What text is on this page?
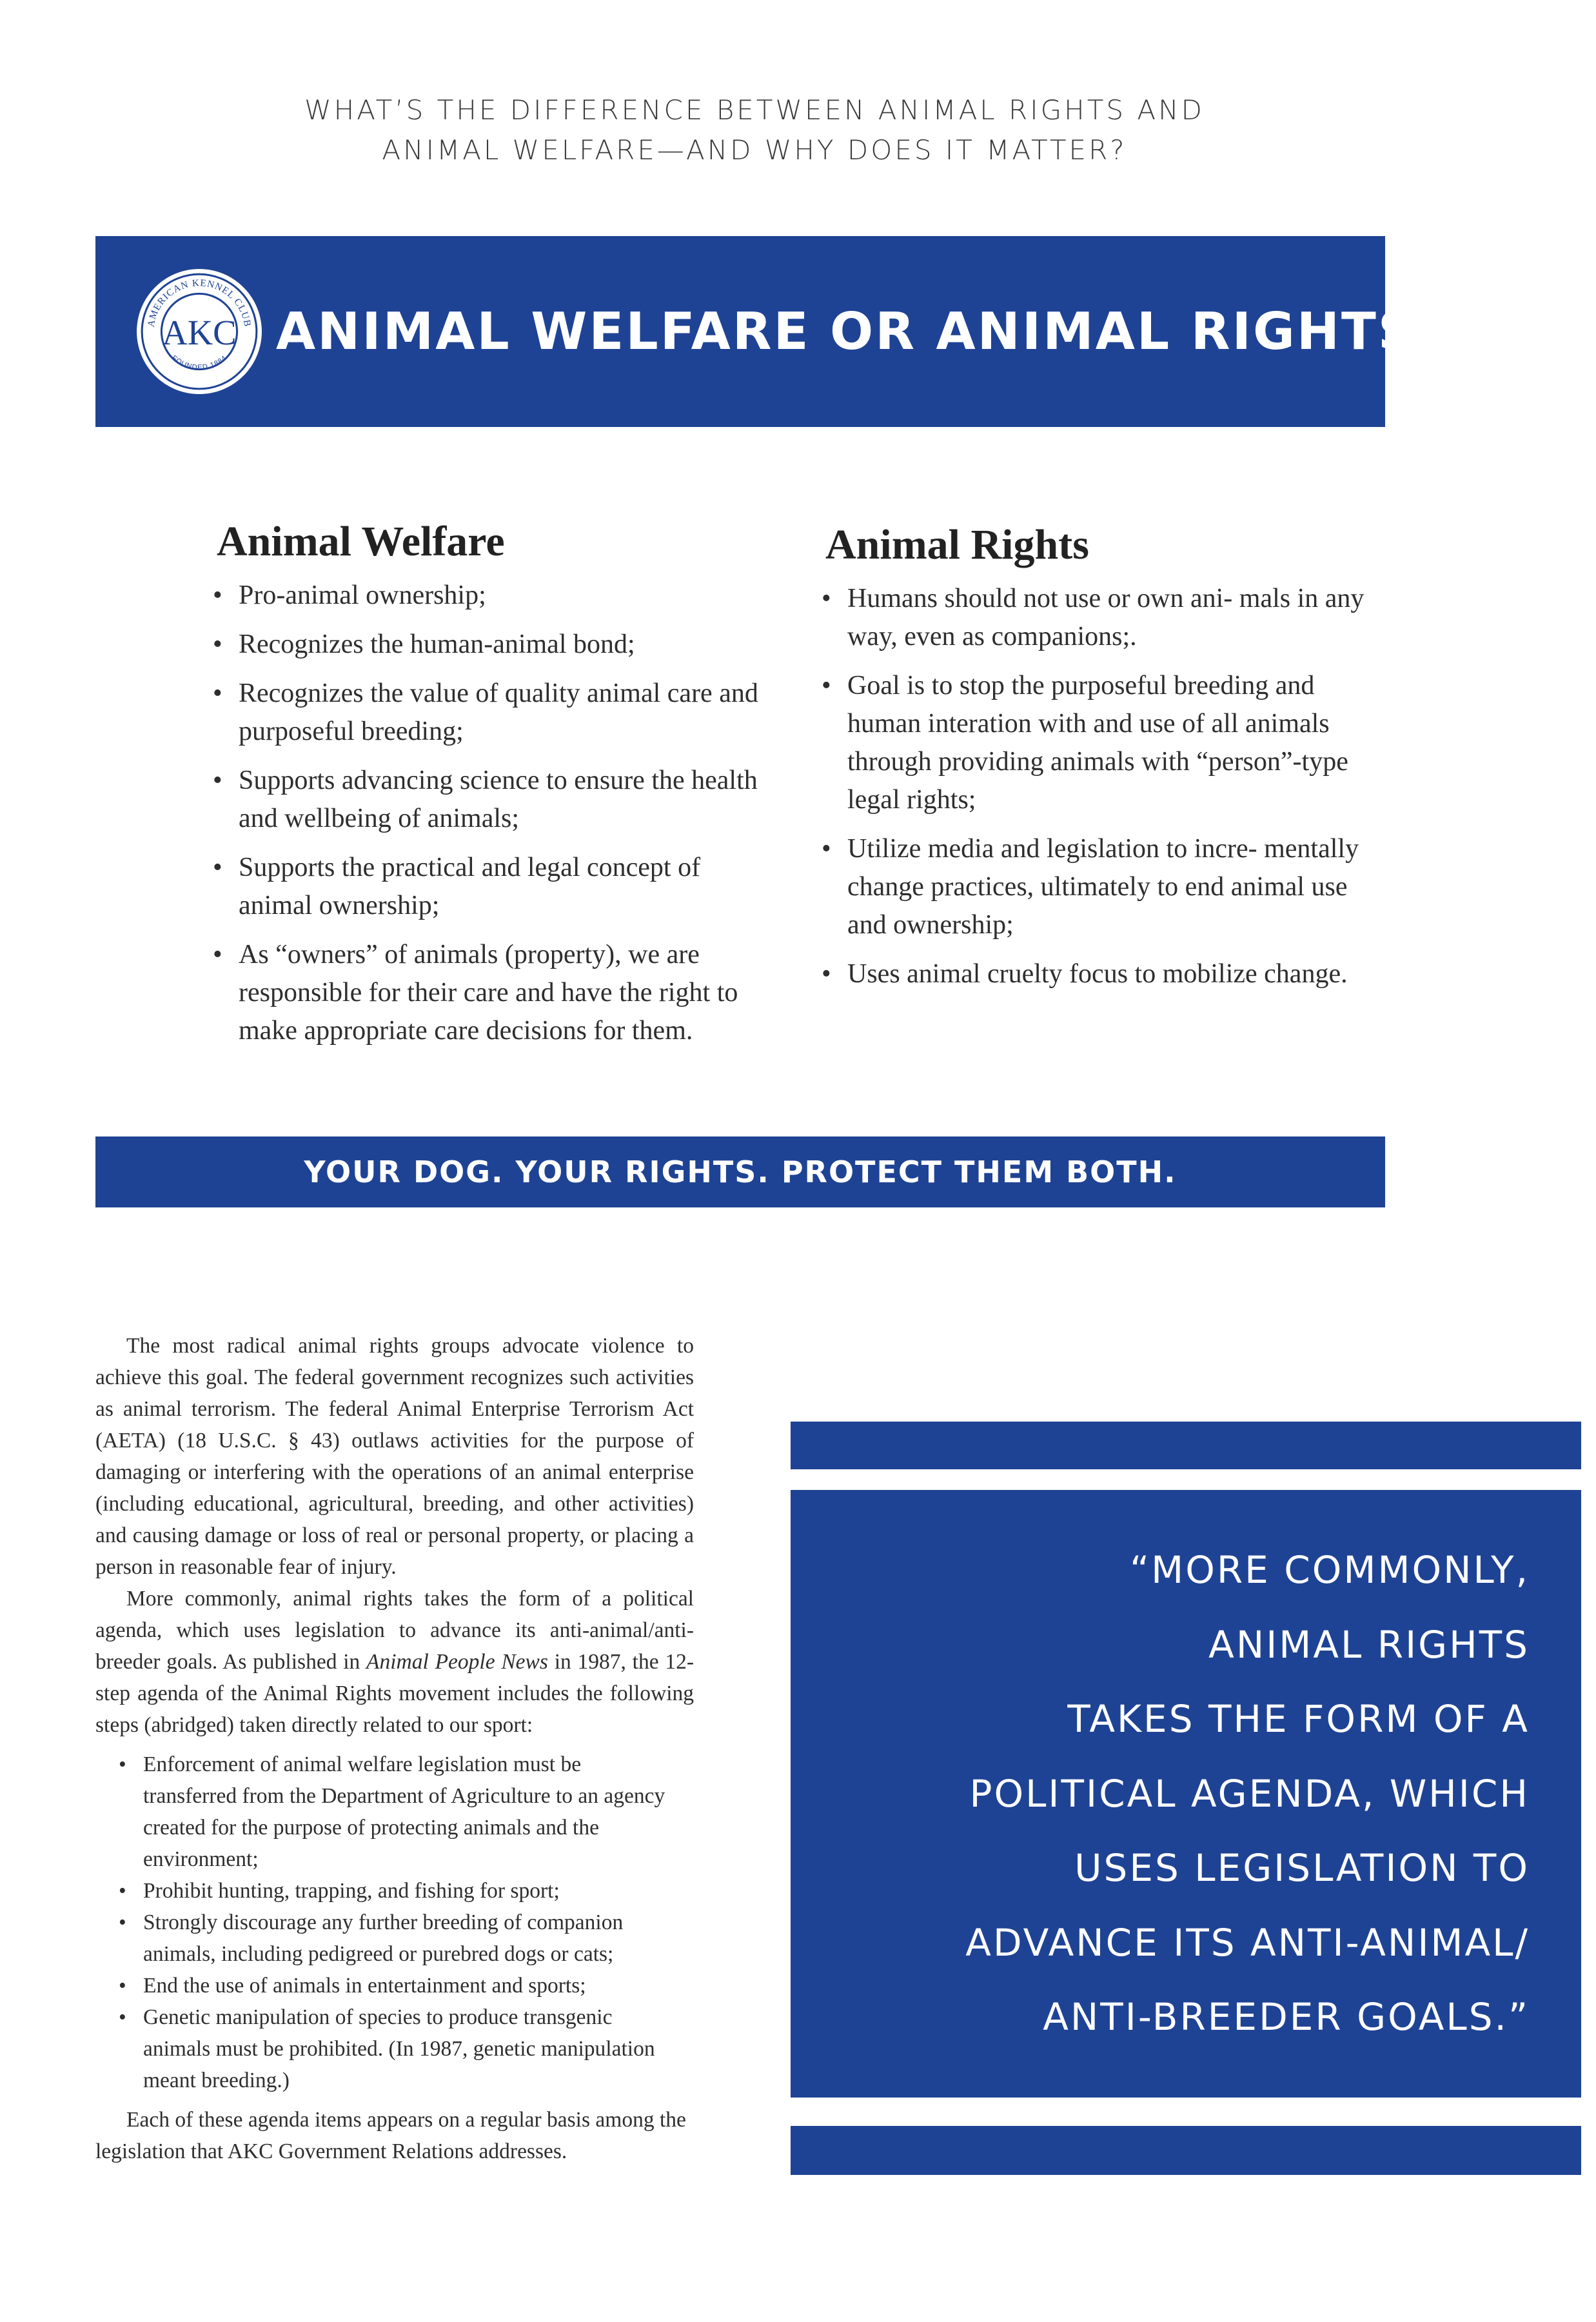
WHAT’S THE DIFFERENCE BETWEEN ANIMAL RIGHTS AND
ANIMAL WELFARE—AND WHY DOES IT MATTER?
AMERICAN KENNEL CLUB
FOUNDED 1884
AKC ANIMAL WELFARE OR ANIMAL RIGHTS?
Animal Welfare
• Pro-animal ownership;
• Recognizes the human-animal bond;
• Recognizes the value of quality animal care and purposeful breeding;
• Supports advancing science to ensure the health and wellbeing of animals;
• Supports the practical and legal concept of animal ownership;
• As “owners” of animals (property), we are responsible for their care and have the right to make appropriate care decisions for them.
Animal Rights
• Humans should not use or own ani- mals in any way, even as companions;.
• Goal is to stop the purposeful breeding and human interation with and use of all animals through providing animals with “person”-type legal rights;
• Utilize media and legislation to incre- mentally change practices, ultimately to end animal use and ownership;
• Uses animal cruelty focus to mobilize change.
YOUR DOG. YOUR RIGHTS. PROTECT THEM BOTH.

The most radical animal rights groups advocate violence to achieve this goal. The federal government recognizes such activities as animal terrorism. The federal Animal Enterprise Terrorism Act (AETA) (18 U.S.C. § 43) outlaws activities for the purpose of damaging or interfering with the operations of an animal enterprise (including educational, agricultural, breeding, and other activities) and causing damage or loss of real or personal property, or placing a person in reasonable fear of injury.

More commonly, animal rights takes the form of a political agenda, which uses legislation to advance its anti-animal/anti-breeder goals. As published in Animal People News in 1987, the 12-step agenda of the Animal Rights movement includes the following steps (abridged) taken directly related to our sport:

• Enforcement of animal welfare legislation must be transferred from the Department of Agriculture to an agency created for the purpose of protecting animals and the environment;
• Prohibit hunting, trapping, and fishing for sport;
• Strongly discourage any further breeding of companion animals, including pedigreed or purebred dogs or cats;
• End the use of animals in entertainment and sports;
• Genetic manipulation of species to produce transgenic animals must be prohibited. (In 1987, genetic manipulation meant breeding.)

Each of these agenda items appears on a regular basis among the legislation that AKC Government Relations addresses.

“MORE COMMONLY,
ANIMAL RIGHTS
TAKES THE FORM OF A
POLITICAL AGENDA, WHICH
USES LEGISLATION TO
ADVANCE ITS ANTI-ANIMAL/
ANTI-BREEDER GOALS.”
